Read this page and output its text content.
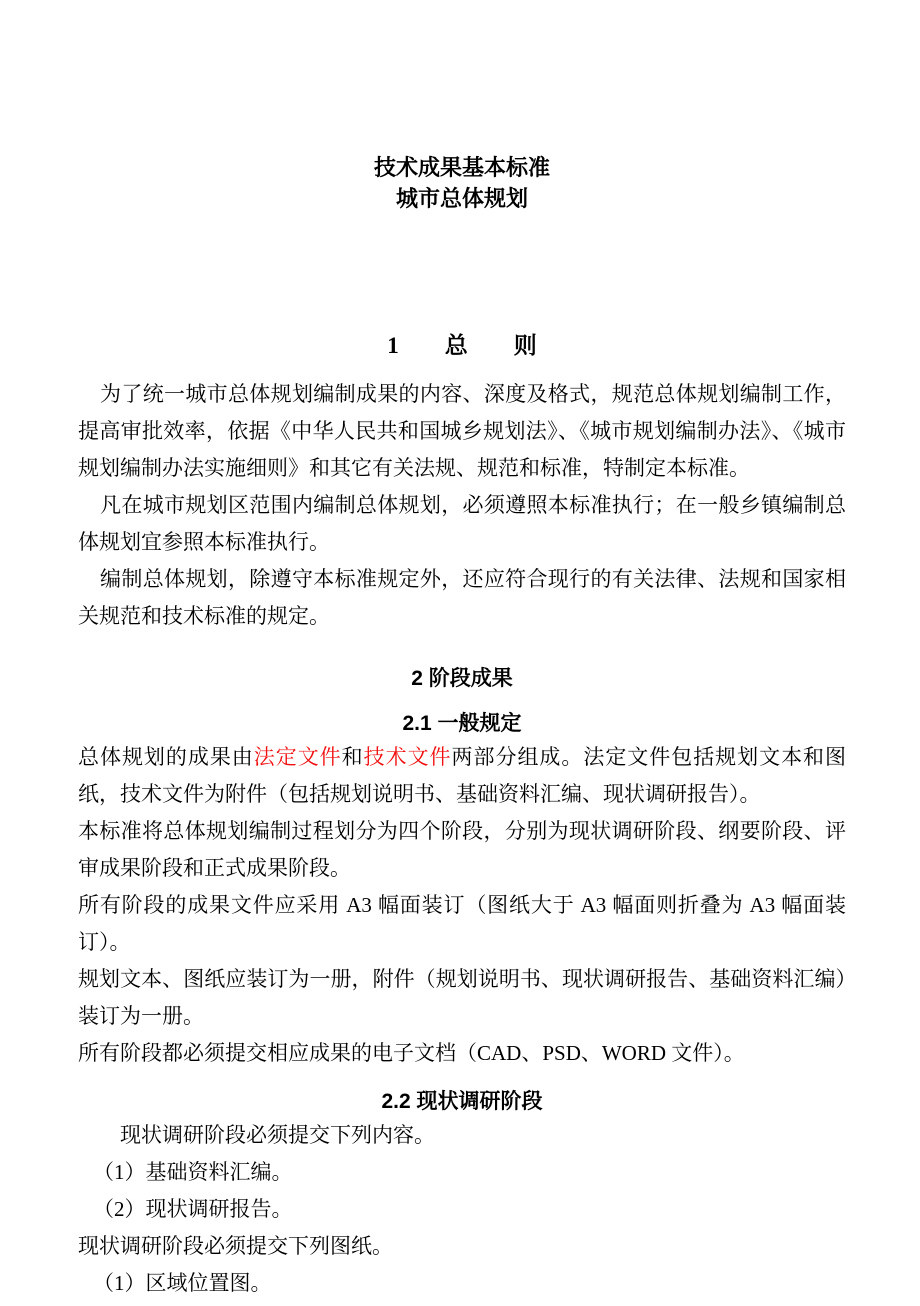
技术成果基本标准
城市总体规划
1　　总　　则

为了统一城市总体规划编制成果的内容、深度及格式，规范总体规划编制工作，提高审批效率，依据《中华人民共和国城乡规划法》、《城市规划编制办法》、《城市规划编制办法实施细则》和其它有关法规、规范和标准，特制定本标准。

凡在城市规划区范围内编制总体规划，必须遵照本标准执行；在一般乡镇编制总体规划宜参照本标准执行。

编制总体规划，除遵守本标准规定外，还应符合现行的有关法律、法规和国家相关规范和技术标准的规定。

2 阶段成果
2.1 一般规定

总体规划的成果由法定文件和技术文件两部分组成。法定文件包括规划文本和图纸，技术文件为附件（包括规划说明书、基础资料汇编、现状调研报告）。

本标准将总体规划编制过程划分为四个阶段，分别为现状调研阶段、纲要阶段、评审成果阶段和正式成果阶段。

所有阶段的成果文件应采用 A3 幅面装订（图纸大于 A3 幅面则折叠为 A3 幅面装订）。

规划文本、图纸应装订为一册，附件（规划说明书、现状调研报告、基础资料汇编）装订为一册。

所有阶段都必须提交相应成果的电子文档（CAD、PSD、WORD 文件）。

2.2 现状调研阶段

现状调研阶段必须提交下列内容。

（1）基础资料汇编。

（2）现状调研报告。

现状调研阶段必须提交下列图纸。

（1）区域位置图。
